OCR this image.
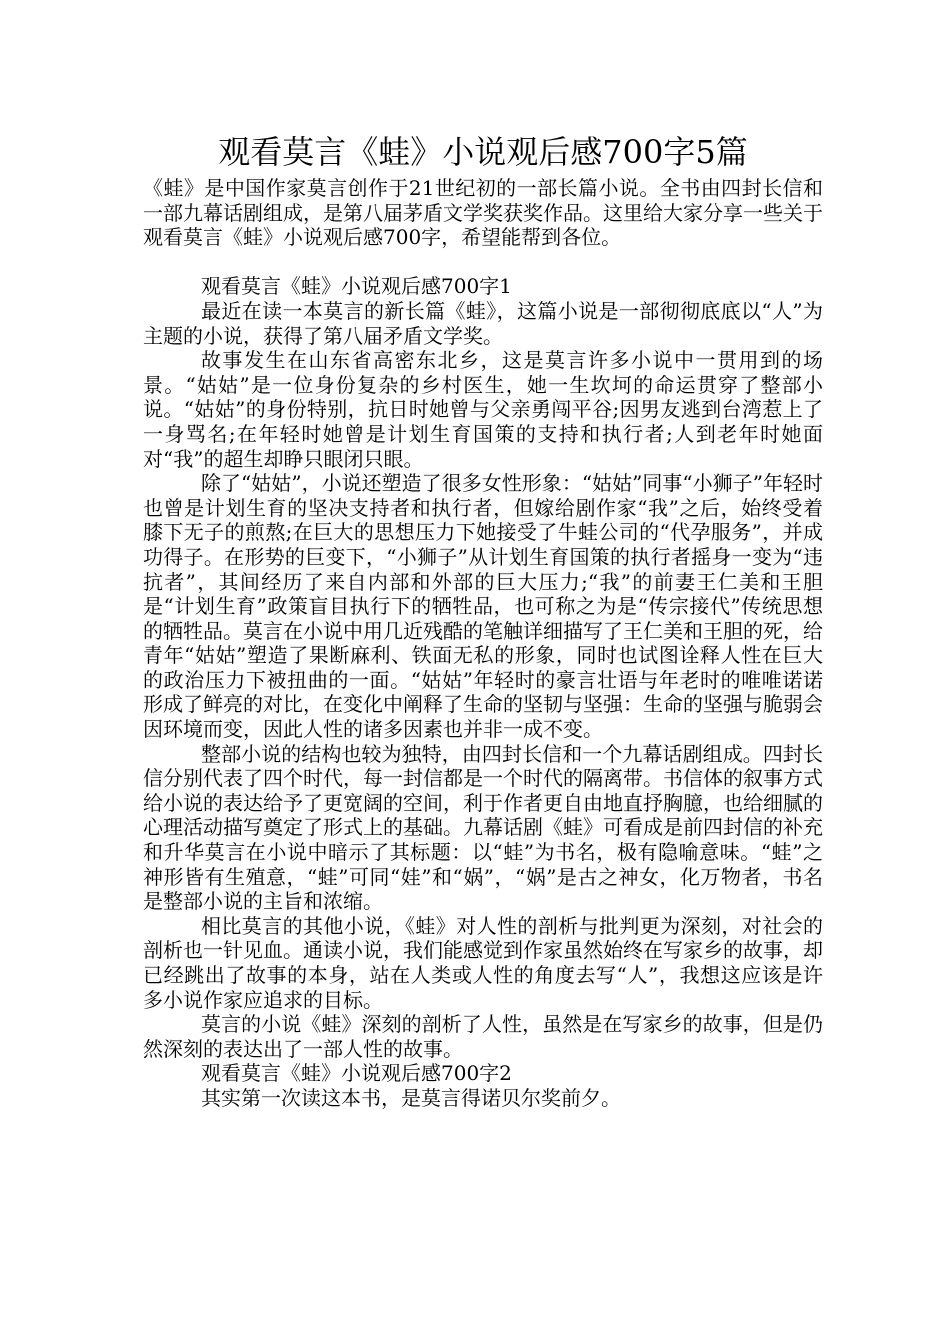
观看莫言《蛙》小说观后感700字5篇

《蛙》是中国作家莫言创作于21世纪初的一部长篇小说。全书由四封长信和一部九幕话剧组成，是第八届茅盾文学奖获奖作品。这里给大家分享一些关于观看莫言《蛙》小说观后感700字，希望能帮到各位。

观看莫言《蛙》小说观后感700字1

最近在读一本莫言的新长篇《蛙》，这篇小说是一部彻彻底底以“人”为主题的小说，获得了第八届矛盾文学奖。

故事发生在山东省高密东北乡，这是莫言许多小说中一贯用到的场景。“姑姑”是一位身份复杂的乡村医生，她一生坎坷的命运贯穿了整部小说。“姑姑”的身份特别，抗日时她曾与父亲勇闯平谷;因男友逃到台湾惹上了一身骂名;在年轻时她曾是计划生育国策的支持和执行者;人到老年时她面对“我”的超生却睁只眼闭只眼。

除了“姑姑”，小说还塑造了很多女性形象：“姑姑”同事“小狮子”年轻时也曾是计划生育的坚决支持者和执行者，但嫁给剧作家“我”之后，始终受着膝下无子的煎熬;在巨大的思想压力下她接受了牛蛙公司的“代孕服务”，并成功得子。在形势的巨变下，“小狮子”从计划生育国策的执行者摇身一变为“违抗者”，其间经历了来自内部和外部的巨大压力;“我”的前妻王仁美和王胆是“计划生育”政策盲目执行下的牺牲品，也可称之为是“传宗接代”传统思想的牺牲品。莫言在小说中用几近残酷的笔触详细描写了王仁美和王胆的死，给青年“姑姑”塑造了果断麻利、铁面无私的形象，同时也试图诠释人性在巨大的政治压力下被扭曲的一面。“姑姑”年轻时的豪言壮语与年老时的唯唯诺诺形成了鲜亮的对比，在变化中阐释了生命的坚韧与坚强：生命的坚强与脆弱会因环境而变，因此人性的诸多因素也并非一成不变。

整部小说的结构也较为独特，由四封长信和一个九幕话剧组成。四封长信分别代表了四个时代，每一封信都是一个时代的隔离带。书信体的叙事方式给小说的表达给予了更宽阔的空间，利于作者更自由地直抒胸臆，也给细腻的心理活动描写奠定了形式上的基础。九幕话剧《蛙》可看成是前四封信的补充和升华莫言在小说中暗示了其标题：以“蛙”为书名，极有隐喻意味。“蛙”之神形皆有生殖意，“蛙”可同“娃”和“娲”，“娲”是古之神女，化万物者，书名是整部小说的主旨和浓缩。

相比莫言的其他小说，《蛙》对人性的剖析与批判更为深刻，对社会的剖析也一针见血。通读小说，我们能感觉到作家虽然始终在写家乡的故事，却已经跳出了故事的本身，站在人类或人性的角度去写“人”，我想这应该是许多小说作家应追求的目标。

莫言的小说《蛙》深刻的剖析了人性，虽然是在写家乡的故事，但是仍然深刻的表达出了一部人性的故事。

观看莫言《蛙》小说观后感700字2

其实第一次读这本书，是莫言得诺贝尔奖前夕。
